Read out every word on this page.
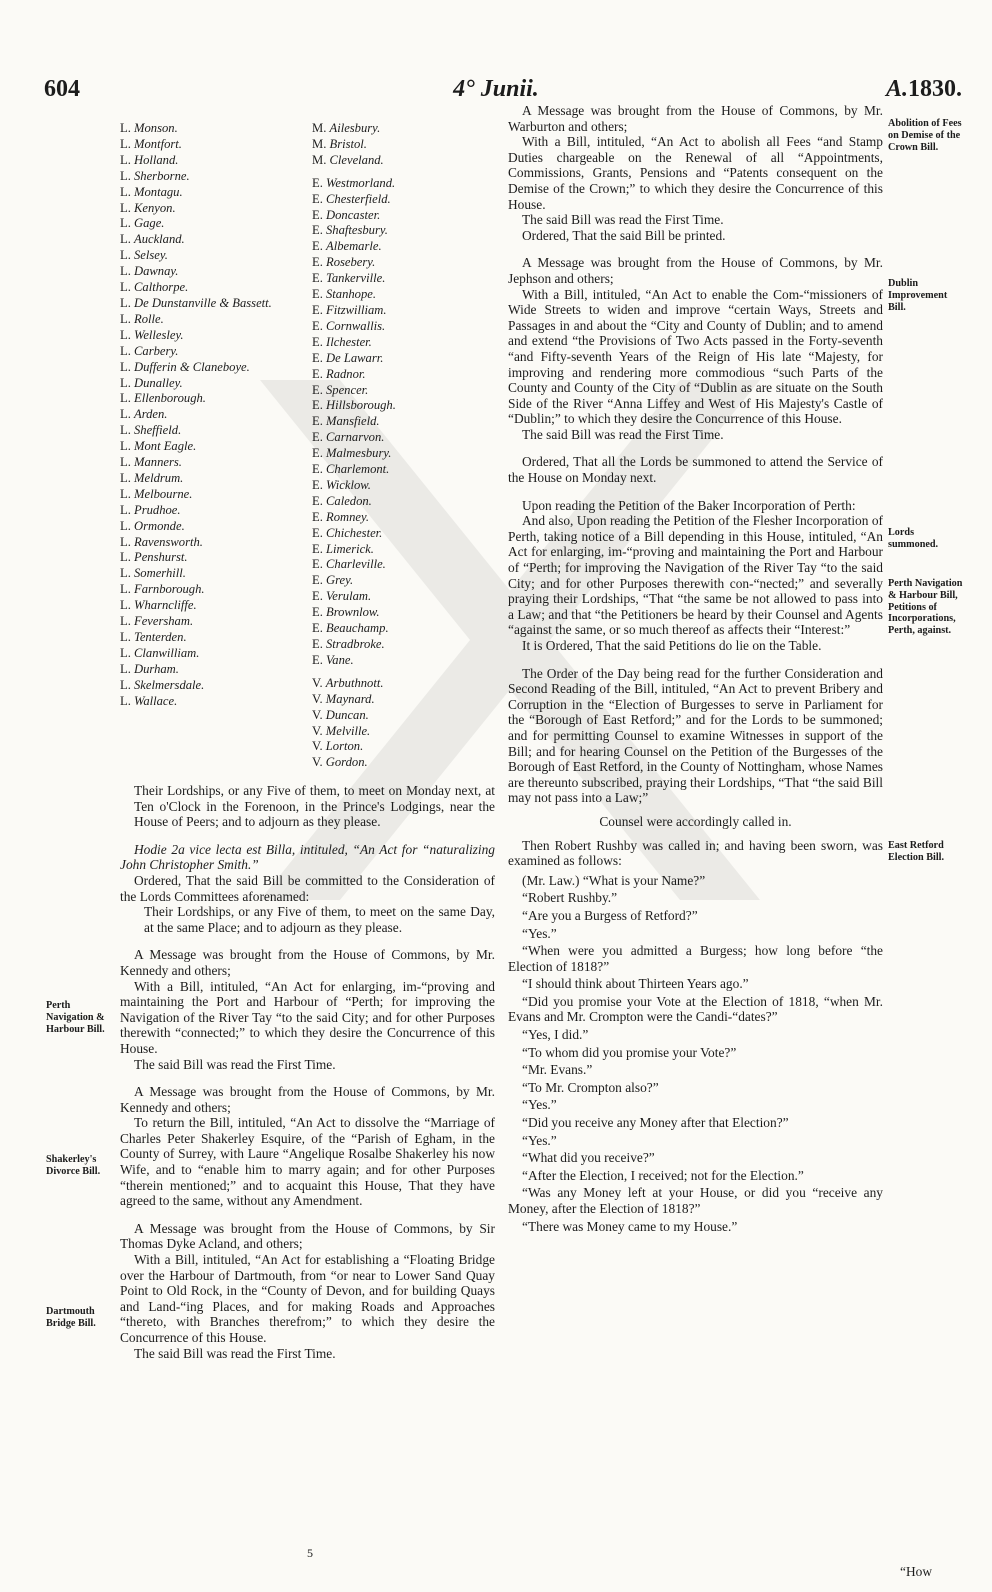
604	4° Junii.	A.1830.
L. Monson.
L. Montfort.
L. Holland.
L. Sherborne.
L. Montagu.
L. Kenyon.
L. Gage.
L. Auckland.
L. Selsey.
L. Dawnay.
L. Calthorpe.
L. De Dunstanville & Bassett.
L. Rolle.
L. Wellesley.
L. Carbery.
L. Dufferin & Claneboye.
L. Dunalley.
L. Ellenborough.
L. Arden.
L. Sheffield.
L. Mont Eagle.
L. Manners.
L. Meldrum.
L. Melbourne.
L. Prudhoe.
L. Ormonde.
L. Ravensworth.
L. Penshurst.
L. Somerhill.
L. Farnborough.
L. Wharncliffe.
L. Feversham.
L. Tenterden.
L. Clanwilliam.
L. Durham.
L. Skelmersdale.
L. Wallace.
M. Ailesbury.
M. Bristol.
M. Cleveland.
E. Westmorland.
E. Chesterfield.
E. Doncaster.
E. Shaftesbury.
E. Albemarle.
E. Rosebery.
E. Tankerville.
E. Stanhope.
E. Fitzwilliam.
E. Cornwallis.
E. Ilchester.
E. De Lawarr.
E. Radnor.
E. Spencer.
E. Hillsborough.
E. Mansfield.
E. Carnarvon.
E. Malmesbury.
E. Charlemont.
E. Wicklow.
E. Caledon.
E. Romney.
E. Chichester.
E. Limerick.
E. Charleville.
E. Grey.
E. Verulam.
E. Brownlow.
E. Beauchamp.
E. Stradbroke.
E. Vane.
V. Arbuthnott.
V. Maynard.
V. Duncan.
V. Melville.
V. Lorton.
V. Gordon.

Their Lordships, or any Five of them, to meet on Monday next, at Ten o'Clock in the Forenoon, in the Prince's Lodgings, near the House of Peers; and to adjourn as they please.

Hodie 2a vice lecta est Billa, intituled, “An Act for “naturalizing John Christopher Smith.”

Ordered, That the said Bill be committed to the Consideration of the Lords Committees aforenamed:

Their Lordships, or any Five of them, to meet on the same Day, at the same Place; and to adjourn as they please.

A Message was brought from the House of Commons, by Mr. Kennedy and others;

With a Bill, intituled, “An Act for enlarging, im-“proving and maintaining the Port and Harbour of “Perth; for improving the Navigation of the River Tay “to the said City; and for other Purposes therewith “connected;” to which they desire the Concurrence of this House.

The said Bill was read the First Time.

A Message was brought from the House of Commons, by Mr. Kennedy and others;

To return the Bill, intituled, “An Act to dissolve the “Marriage of Charles Peter Shakerley Esquire, of the “Parish of Egham, in the County of Surrey, with Laure “Angelique Rosalbe Shakerley his now Wife, and to “enable him to marry again; and for other Purposes “therein mentioned;” and to acquaint this House, That they have agreed to the same, without any Amendment.

A Message was brought from the House of Commons, by Sir Thomas Dyke Acland, and others;

With a Bill, intituled, “An Act for establishing a “Floating Bridge over the Harbour of Dartmouth, from “or near to Lower Sand Quay Point to Old Rock, in the “County of Devon, and for building Quays and Land-“ing Places, and for making Roads and Approaches “thereto, with Branches therefrom;” to which they desire the Concurrence of this House.

The said Bill was read the First Time.

Perth Navigation & Harbour Bill.
Shakerley's Divorce Bill.
Dartmouth Bridge Bill.

A Message was brought from the House of Commons, by Mr. Warburton and others;

With a Bill, intituled, “An Act to abolish all Fees “and Stamp Duties chargeable on the Renewal of all “Appointments, Commissions, Grants, Pensions and “Patents consequent on the Demise of the Crown;” to which they desire the Concurrence of this House.

The said Bill was read the First Time.

Ordered, That the said Bill be printed.

A Message was brought from the House of Commons, by Mr. Jephson and others;

With a Bill, intituled, “An Act to enable the Com-“missioners of Wide Streets to widen and improve “certain Ways, Streets and Passages in and about the “City and County of Dublin; and to amend and extend “the Provisions of Two Acts passed in the Forty-seventh “and Fifty-seventh Years of the Reign of His late “Majesty, for improving and rendering more commodious “such Parts of the County and County of the City of “Dublin as are situate on the South Side of the River “Anna Liffey and West of His Majesty's Castle of “Dublin;” to which they desire the Concurrence of this House.

The said Bill was read the First Time.

Ordered, That all the Lords be summoned to attend the Service of the House on Monday next.

Upon reading the Petition of the Baker Incorporation of Perth:

And also, Upon reading the Petition of the Flesher Incorporation of Perth, taking notice of a Bill depending in this House, intituled, “An Act for enlarging, im-“proving and maintaining the Port and Harbour of “Perth; for improving the Navigation of the River Tay “to the said City; and for other Purposes therewith con-“nected;” and severally praying their Lordships, “That “the same be not allowed to pass into a Law; and that “the Petitioners be heard by their Counsel and Agents “against the same, or so much thereof as affects their “Interest:”

It is Ordered, That the said Petitions do lie on the Table.

The Order of the Day being read for the further Consideration and Second Reading of the Bill, intituled, “An Act to prevent Bribery and Corruption in the “Election of Burgesses to serve in Parliament for the “Borough of East Retford;” and for the Lords to be summoned; and for permitting Counsel to examine Witnesses in support of the Bill; and for hearing Counsel on the Petition of the Burgesses of the Borough of East Retford, in the County of Nottingham, whose Names are thereunto subscribed, praying their Lordships, “That “the said Bill may not pass into a Law;”

Counsel were accordingly called in.

Then Robert Rushby was called in; and having been sworn, was examined as follows:

(Mr. Law.) “What is your Name?”

“Robert Rushby.”

“Are you a Burgess of Retford?”

“Yes.”

“When were you admitted a Burgess; how long before “the Election of 1818?”

“I should think about Thirteen Years ago.”

“Did you promise your Vote at the Election of 1818, “when Mr. Evans and Mr. Crompton were the Candi-“dates?”

“Yes, I did.”

“To whom did you promise your Vote?”

“Mr. Evans.”

“To Mr. Crompton also?”

“Yes.”

“Did you receive any Money after that Election?”

“Yes.”

“What did you receive?”

“After the Election, I received; not for the Election.”

“Was any Money left at your House, or did you “receive any Money, after the Election of 1818?”

“There was Money came to my House.”

Abolition of Fees on Demise of the Crown Bill.
Dublin Improvement Bill.
Lords summoned.
Perth Navigation & Harbour Bill, Petitions of Incorporations, Perth, against.
East Retford Election Bill.
5
“How
